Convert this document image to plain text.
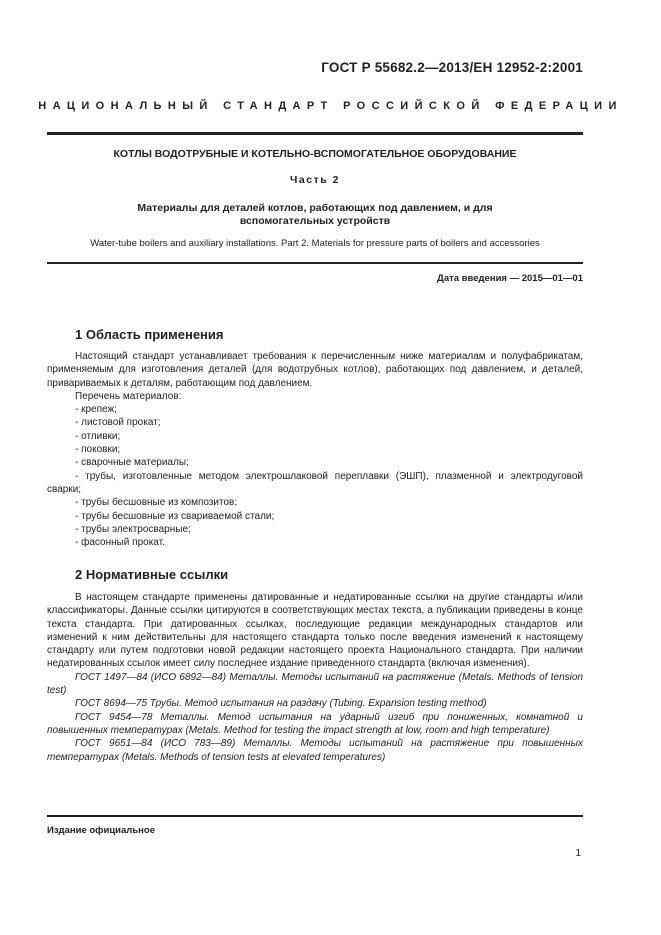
ГОСТ Р 55682.2—2013/ЕН 12952-2:2001
НАЦИОНАЛЬНЫЙ СТАНДАРТ РОССИЙСКОЙ ФЕДЕРАЦИИ
КОТЛЫ ВОДОТРУБНЫЕ И КОТЕЛЬНО-ВСПОМОГАТЕЛЬНОЕ ОБОРУДОВАНИЕ
Часть 2
Материалы для деталей котлов, работающих под давлением, и для вспомогательных устройств
Water-tube boilers and auxiliary installations. Part 2. Materials for pressure parts of boilers and accessories
Дата введения — 2015—01—01
1 Область применения

Настоящий стандарт устанавливает требования к перечисленным ниже материалам и полуфабрикатам, применяемым для изготовления деталей (для водотрубных котлов), работающих под давлением, и деталей, привариваемых к деталям, работающим под давлением.

Перечень материалов:

- крепеж;

- листовой прокат;

- отливки;

- поковки;

- сварочные материалы;

- трубы, изготовленные методом электрошлаковой переплавки (ЭШП), плазменной и электродуговой сварки;

- трубы бесшовные из композитов;

- трубы бесшовные из свариваемой стали;

- трубы электросварные;

- фасонный прокат.

2 Нормативные ссылки

В настоящем стандарте применены датированные и недатированные ссылки на другие стандарты и/или классификаторы. Данные ссылки цитируются в соответствующих местах текста, а публикации приведены в конце текста стандарта. При датированных ссылках, последующие редакции международных стандартов или изменений к ним действительны для настоящего стандарта только после введения изменений к настоящему стандарту или путем подготовки новой редакции настоящего проекта Национального стандарта. При наличии недатированных ссылок имеет силу последнее издание приведенного стандарта (включая изменения).

ГОСТ 1497—84 (ИСО 6892—84) Металлы. Методы испытаний на растяжение (Metals. Methods of tension test)

ГОСТ 8694—75 Трубы. Метод испытания на раздачу (Tubing. Expansion testing method)

ГОСТ 9454—78 Металлы. Метод испытания на ударный изгиб при пониженных, комнатной и повышенных температурах (Metals. Method for testing the impact strength at low, room and high temperature)

ГОСТ 9651—84 (ИСО 783—89) Металлы. Методы испытаний на растяжение при повышенных температурах (Metals. Methods of tension tests at elevated temperatures)

Издание официальное
1
